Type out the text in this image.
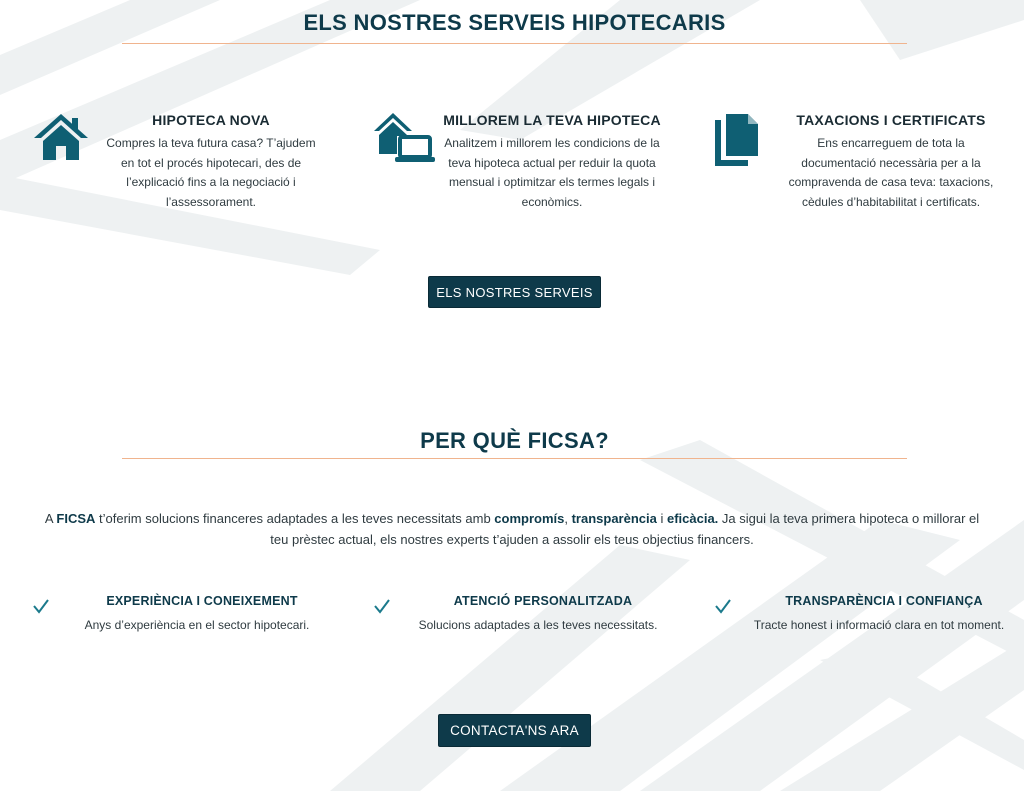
ELS NOSTRES SERVEIS HIPOTECARIS
HIPOTECA NOVA

Compres la teva futura casa? T’ajudem en tot el procés hipotecari, des de l’explicació fins a la negociació i l’assessorament.

MILLOREM LA TEVA HIPOTECA

Analitzem i millorem les condicions de la teva hipoteca actual per reduir la quota mensual i optimitzar els termes legals i econòmics.

TAXACIONS I CERTIFICATS

Ens encarreguem de tota la documentació necessària per a la compravenda de casa teva: taxacions, cèdules d’habitabilitat i certificats.

ELS NOSTRES SERVEIS
PER QUÈ FICSA?

A FICSA t’oferim solucions financeres adaptades a les teves necessitats amb compromís, transparència i eficàcia. Ja sigui la teva primera hipoteca o millorar el teu prèstec actual, els nostres experts t’ajuden a assolir els teus objectius financers.

EXPERIÈNCIA I CONEIXEMENT

Anys d’experiència en el sector hipotecari.

ATENCIÓ PERSONALITZADA

Solucions adaptades a les teves necessitats.

TRANSPARÈNCIA I CONFIANÇA

Tracte honest i informació clara en tot moment.

CONTACTA'NS ARA
